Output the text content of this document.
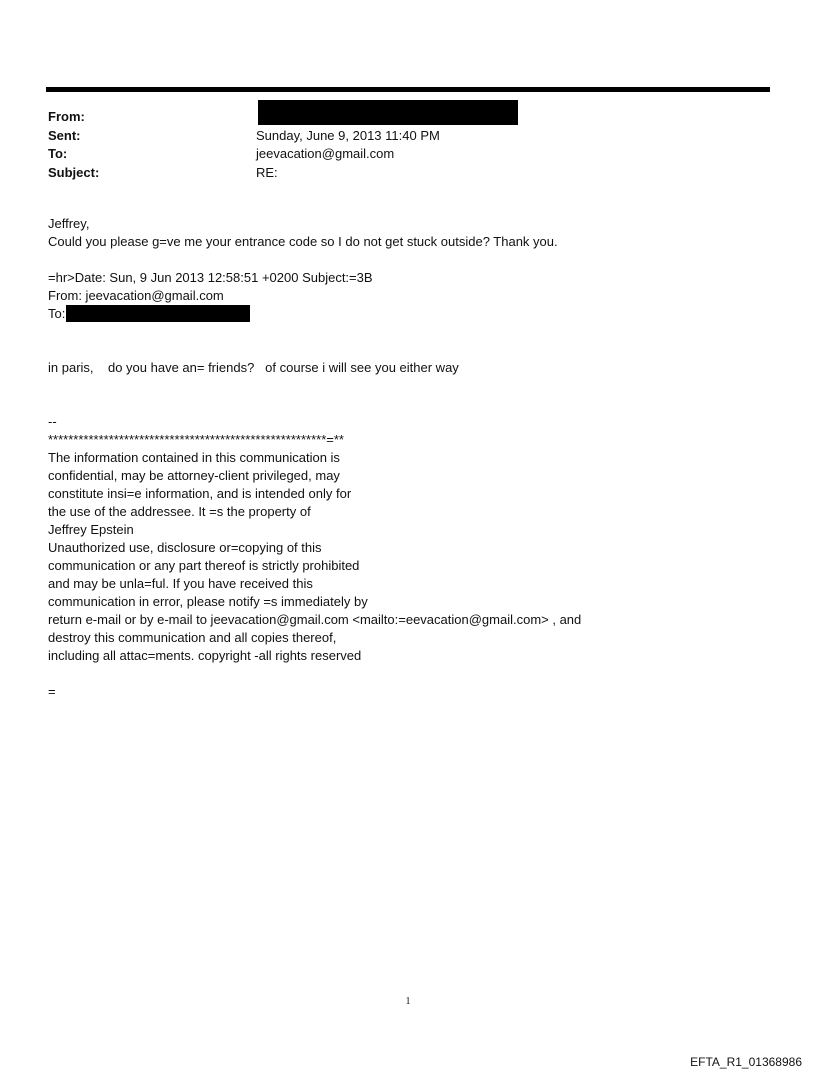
From:
Sent:	Sunday, June 9, 2013 11:40 PM
To:	jeevacation@gmail.com
Subject:	RE:
Jeffrey,
Could you please g=ve me your entrance code so I do not get stuck outside? Thank you.
=hr>Date: Sun, 9 Jun 2013 12:58:51 +0200 Subject:=3B
From: jeevacation@gmail.com
To:
in paris,    do you have an= friends?   of course i will see you either way
--
*******************************************************=**
The information contained in this communication is
confidential, may be attorney-client privileged, may
constitute insi=e information, and is intended only for
the use of the addressee. It =s the property of
Jeffrey Epstein
Unauthorized use, disclosure or=copying of this
communication or any part thereof is strictly prohibited
and may be unla=ful. If you have received this
communication in error, please notify =s immediately by
return e-mail or by e-mail to jeevacation@gmail.com <mailto:=eevacation@gmail.com> , and
destroy this communication and all copies thereof,
including all attac=ments. copyright -all rights reserved
=
1
EFTA_R1_01368986
